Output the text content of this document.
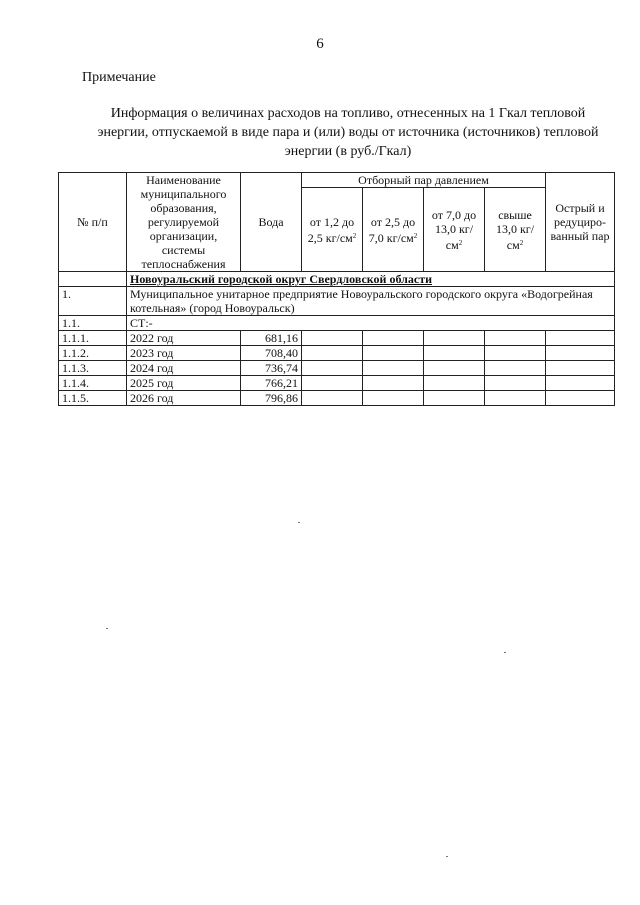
6
Примечание
Информация о величинах расходов на топливо, отнесенных на 1 Гкал тепловой энергии, отпускаемой в виде пара и (или) воды от источника (источников) тепловой энергии (в руб./Гкал)
№ п/п	Наименование муниципального образования, регулируемой организации, системы теплоснабжения	Вода	Отборный пар давлением				Острый и редуциро-ванный пар
			от 1,2 до 2,5 $кг/см^2$	от 2,5 до 7,0 $кг/см^2$	от 7,0 до 13,0 $кг/см^2$	свыше 13,0 $кг/см^2$
	Новоуральский городской округ Свердловской области						
1.	Муниципальное унитарное предприятие Новоуральского городского округа «Водогрейная котельная» (город Новоуральск)						
1.1.	СТ:-						
1.1.1.	2022 год	681,16					
1.1.2.	2023 год	708,40					
1.1.3.	2024 год	736,74					
1.1.4.	2025 год	766,21					
1.1.5.	2026 год	796,86					
